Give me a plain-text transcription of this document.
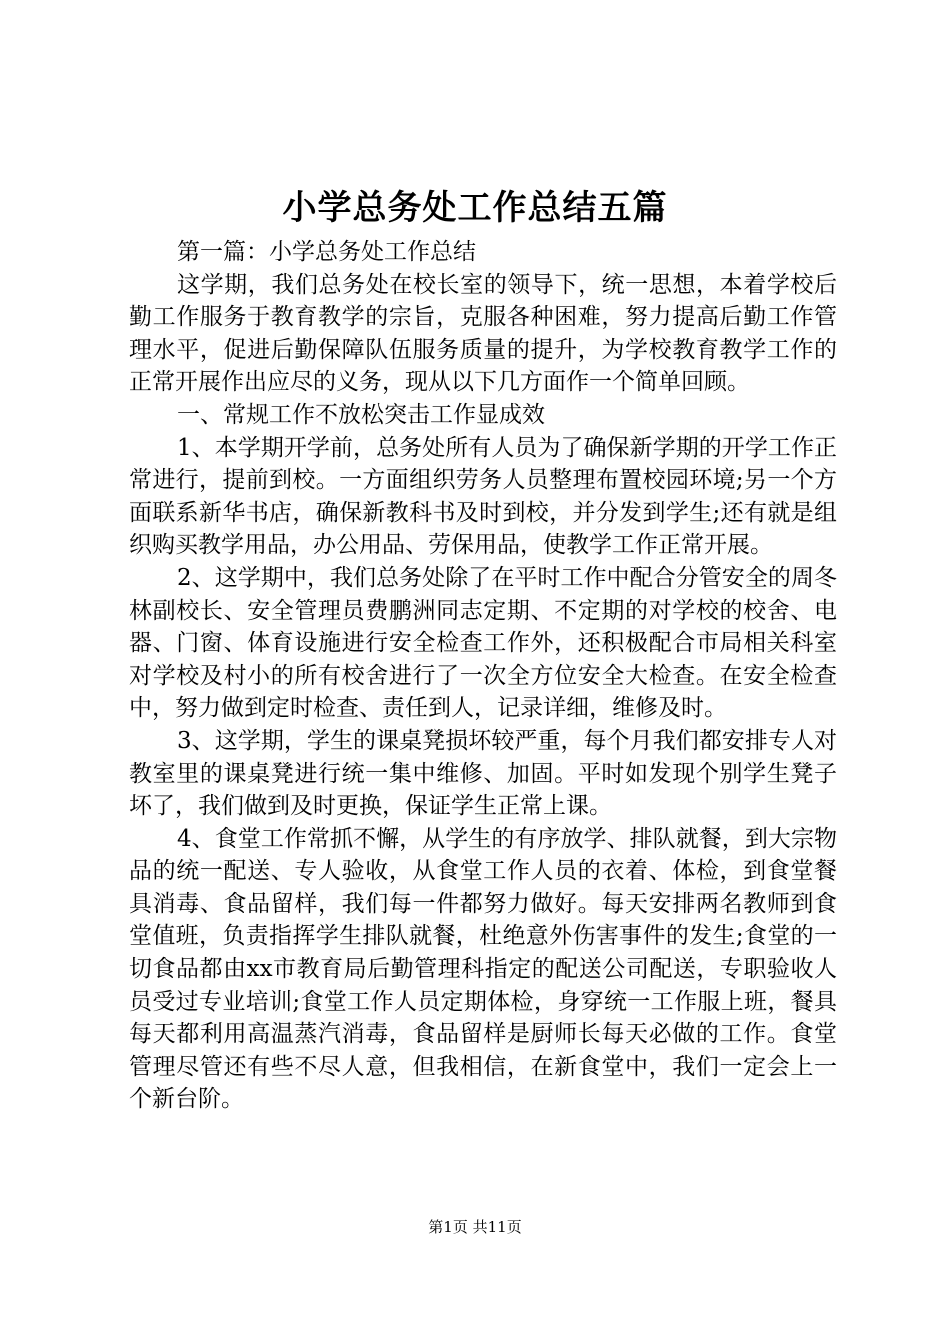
小学总务处工作总结五篇

第一篇：小学总务处工作总结

这学期，我们总务处在校长室的领导下，统一思想，本着学校后勤工作服务于教育教学的宗旨，克服各种困难，努力提高后勤工作管理水平，促进后勤保障队伍服务质量的提升，为学校教育教学工作的正常开展作出应尽的义务，现从以下几方面作一个简单回顾。

一、常规工作不放松突击工作显成效

1、本学期开学前，总务处所有人员为了确保新学期的开学工作正常进行，提前到校。一方面组织劳务人员整理布置校园环境;另一个方面联系新华书店，确保新教科书及时到校，并分发到学生;还有就是组织购买教学用品，办公用品、劳保用品，使教学工作正常开展。

2、这学期中，我们总务处除了在平时工作中配合分管安全的周冬林副校长、安全管理员费鹏洲同志定期、不定期的对学校的校舍、电器、门窗、体育设施进行安全检查工作外，还积极配合市局相关科室对学校及村小的所有校舍进行了一次全方位安全大检查。在安全检查中，努力做到定时检查、责任到人，记录详细，维修及时。

3、这学期，学生的课桌凳损坏较严重，每个月我们都安排专人对教室里的课桌凳进行统一集中维修、加固。平时如发现个别学生凳子坏了，我们做到及时更换，保证学生正常上课。

4、食堂工作常抓不懈，从学生的有序放学、排队就餐，到大宗物品的统一配送、专人验收，从食堂工作人员的衣着、体检，到食堂餐具消毒、食品留样，我们每一件都努力做好。每天安排两名教师到食堂值班，负责指挥学生排队就餐，杜绝意外伤害事件的发生;食堂的一切食品都由xx市教育局后勤管理科指定的配送公司配送，专职验收人员受过专业培训;食堂工作人员定期体检，身穿统一工作服上班，餐具每天都利用高温蒸汽消毒，食品留样是厨师长每天必做的工作。食堂管理尽管还有些不尽人意，但我相信，在新食堂中，我们一定会上一个新台阶。

第1页 共11页
